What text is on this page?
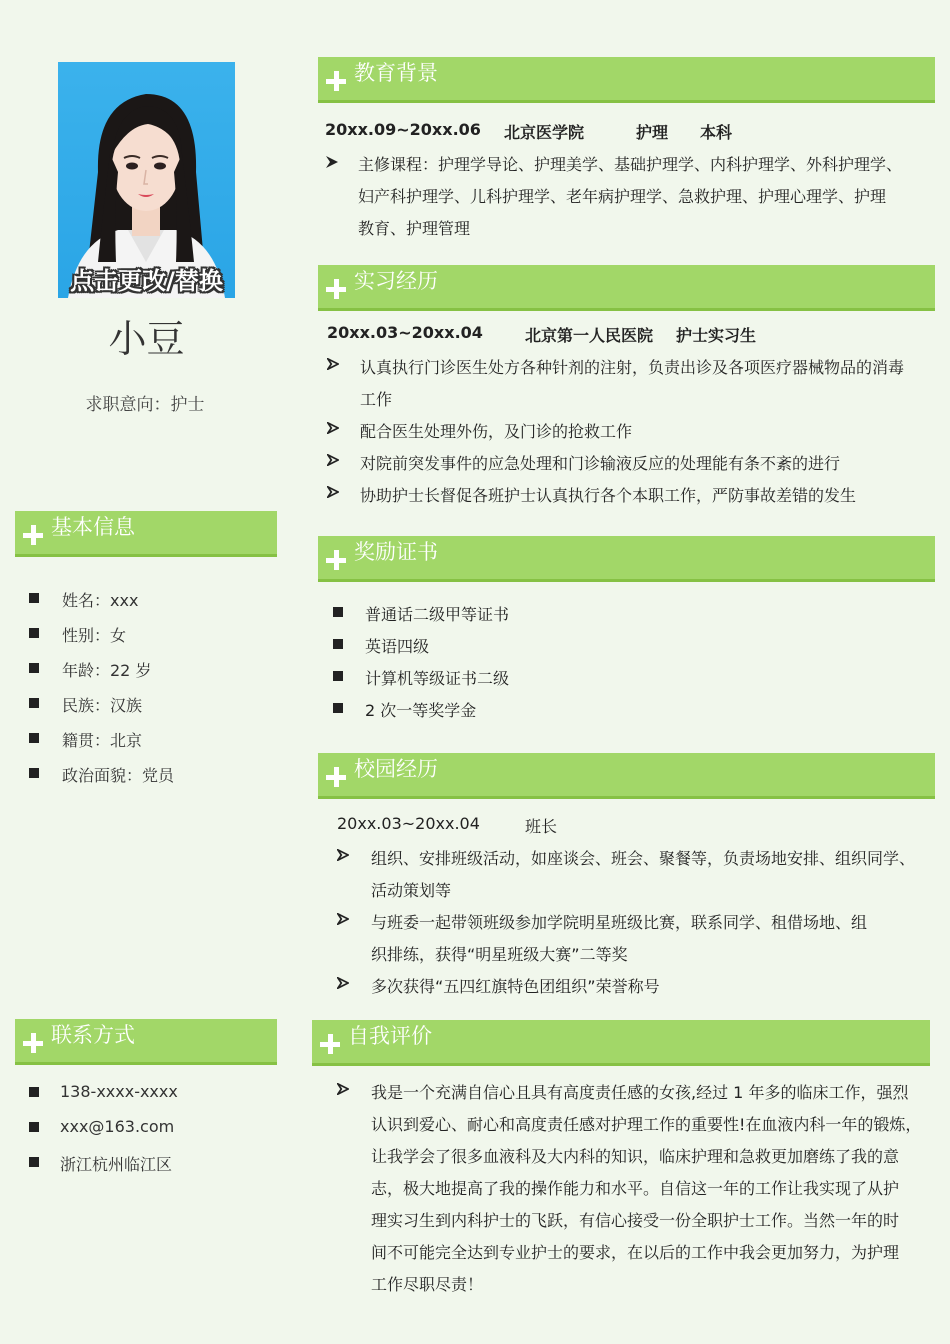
点击更改/替换
小豆
求职意向：护士
基本信息
姓名：xxx
性别：女
年龄：22 岁
民族：汉族
籍贯：北京
政治面貌：党员
联系方式
138-xxxx-xxxx
xxx@163.com
浙江杭州临江区
教育背景
20xx.09~20xx.06 北京医学院	护理 本科
主修课程：护理学导论、护理美学、基础护理学、内科护理学、外科护理学、
妇产科护理学、儿科护理学、老年病护理学、急救护理、护理心理学、护理
教育、护理管理
实习经历
20xx.03~20xx.04	北京第一人民医院 护士实习生
认真执行门诊医生处方各种针剂的注射，负责出诊及各项医疗器械物品的消毒
工作
配合医生处理外伤，及门诊的抢救工作
对院前突发事件的应急处理和门诊输液反应的处理能有条不紊的进行
协助护士长督促各班护士认真执行各个本职工作，严防事故差错的发生
奖励证书
普通话二级甲等证书
英语四级
计算机等级证书二级
2 次一等奖学金
校园经历
20xx.03~20xx.04	班长
组织、安排班级活动，如座谈会、班会、聚餐等，负责场地安排、组织同学、
活动策划等
与班委一起带领班级参加学院明星班级比赛，联系同学、租借场地、组
织排练，获得“明星班级大赛”二等奖
多次获得“五四红旗特色团组织”荣誉称号
自我评价
我是一个充满自信心且具有高度责任感的女孩,经过 1 年多的临床工作，强烈
认识到爱心、耐心和高度责任感对护理工作的重要性!在血液内科一年的锻炼，
让我学会了很多血液科及大内科的知识，临床护理和急救更加磨练了我的意
志，极大地提高了我的操作能力和水平。自信这一年的工作让我实现了从护
理实习生到内科护士的飞跃，有信心接受一份全职护士工作。当然一年的时
间不可能完全达到专业护士的要求，在以后的工作中我会更加努力，为护理
工作尽职尽责！
